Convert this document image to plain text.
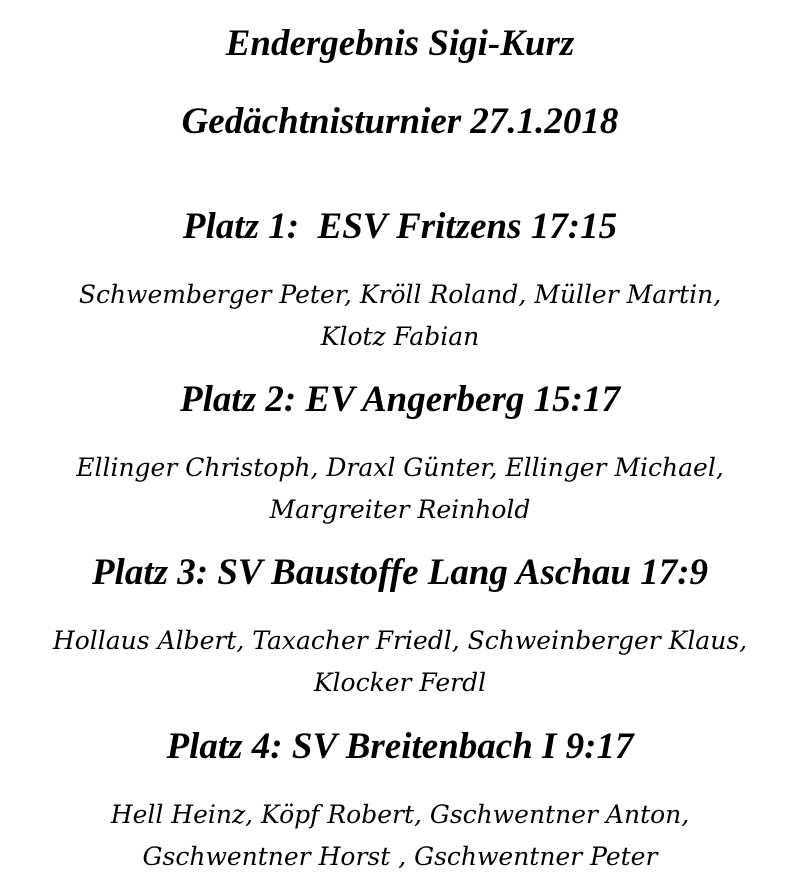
Endergebnis Sigi-Kurz
Gedächtnisturnier 27.1.2018
Platz 1:  ESV Fritzens 17:15

Schwemberger Peter, Kröll Roland, Müller Martin,
Klotz Fabian

Platz 2: EV Angerberg 15:17

Ellinger Christoph, Draxl Günter, Ellinger Michael,
Margreiter Reinhold

Platz 3: SV Baustoffe Lang Aschau 17:9

Hollaus Albert, Taxacher Friedl, Schweinberger Klaus,
Klocker Ferdl

Platz 4: SV Breitenbach I 9:17

Hell Heinz, Köpf Robert, Gschwentner Anton,
Gschwentner Horst , Gschwentner Peter
